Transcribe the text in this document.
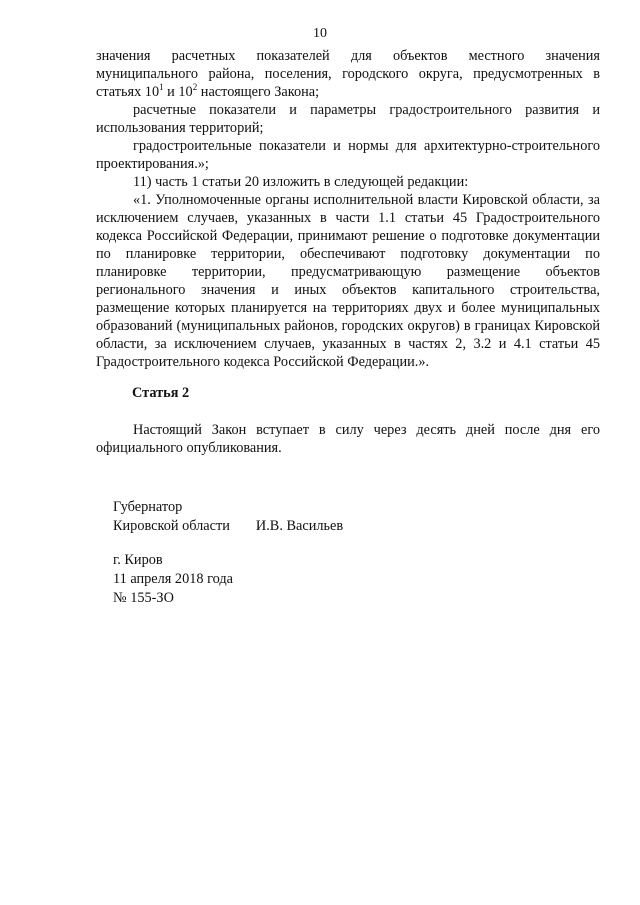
10

значения расчетных показателей для объектов местного значения муниципального района, поселения, городского округа, предусмотренных в статьях $10^1$ и $10^2$ настоящего Закона;

расчетные показатели и параметры градостроительного развития и использования территорий;

градостроительные показатели и нормы для архитектурно-строительного проектирования.»;

11) часть 1 статьи 20 изложить в следующей редакции:

«1. Уполномоченные органы исполнительной власти Кировской области, за исключением случаев, указанных в части 1.1 статьи 45 Градостроительного кодекса Российской Федерации, принимают решение о подготовке документации по планировке территории, обеспечивают подготовку документации по планировке территории, предусматривающую размещение объектов регионального значения и иных объектов капитального строительства, размещение которых планируется на территориях двух и более муниципальных образований (муниципальных районов, городских округов) в границах Кировской области, за исключением случаев, указанных в частях 2, 3.2 и 4.1 статьи 45 Градостроительного кодекса Российской Федерации.».

Статья 2

Настоящий Закон вступает в силу через десять дней после дня его официального опубликования.

Губернатор
Кировской области И.В. Васильев
г. Киров
11 апреля 2018 года
№ 155-ЗО
